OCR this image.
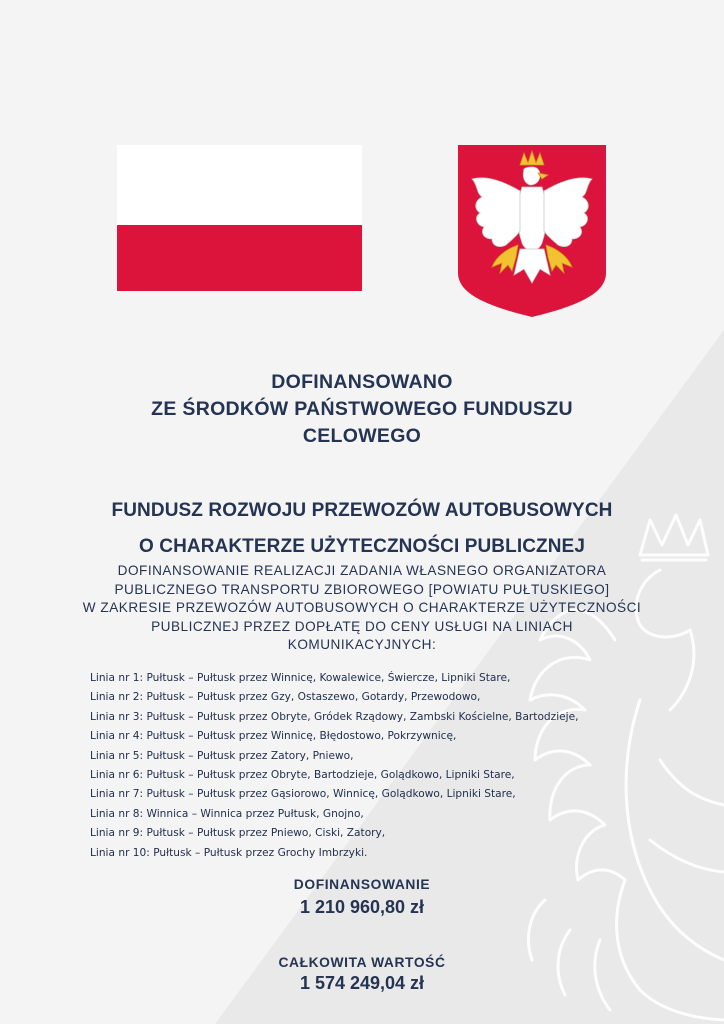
DOFINANSOWANO
ZE ŚRODKÓW PAŃSTWOWEGO FUNDUSZU
CELOWEGO
FUNDUSZ ROZWOJU PRZEWOZÓW AUTOBUSOWYCH
O CHARAKTERZE UŻYTECZNOŚCI PUBLICZNEJ
DOFINANSOWANIE REALIZACJI ZADANIA WŁASNEGO ORGANIZATORA
PUBLICZNEGO TRANSPORTU ZBIOROWEGO [POWIATU PUŁTUSKIEGO]
W ZAKRESIE PRZEWOZÓW AUTOBUSOWYCH O CHARAKTERZE UŻYTECZNOŚCI
PUBLICZNEJ PRZEZ DOPŁATĘ DO CENY USŁUGI NA LINIACH
KOMUNIKACYJNYCH:
Linia nr 1: Pułtusk – Pułtusk przez Winnicę, Kowalewice, Świercze, Lipniki Stare,
Linia nr 2: Pułtusk – Pułtusk przez Gzy, Ostaszewo, Gotardy, Przewodowo,
Linia nr 3: Pułtusk – Pułtusk przez Obryte, Gródek Rządowy, Zambski Kościelne, Bartodzieje,
Linia nr 4: Pułtusk – Pułtusk przez Winnicę, Błędostowo, Pokrzywnicę,
Linia nr 5: Pułtusk – Pułtusk przez Zatory, Pniewo,
Linia nr 6: Pułtusk – Pułtusk przez Obryte, Bartodzieje, Golądkowo, Lipniki Stare,
Linia nr 7: Pułtusk – Pułtusk przez Gąsiorowo, Winnicę, Golądkowo, Lipniki Stare,
Linia nr 8: Winnica – Winnica przez Pułtusk, Gnojno,
Linia nr 9: Pułtusk – Pułtusk przez Pniewo, Ciski, Zatory,
Linia nr 10: Pułtusk – Pułtusk przez Grochy Imbrzyki.
DOFINANSOWANIE
1 210 960,80 zł
CAŁKOWITA WARTOŚĆ
1 574 249,04 zł
